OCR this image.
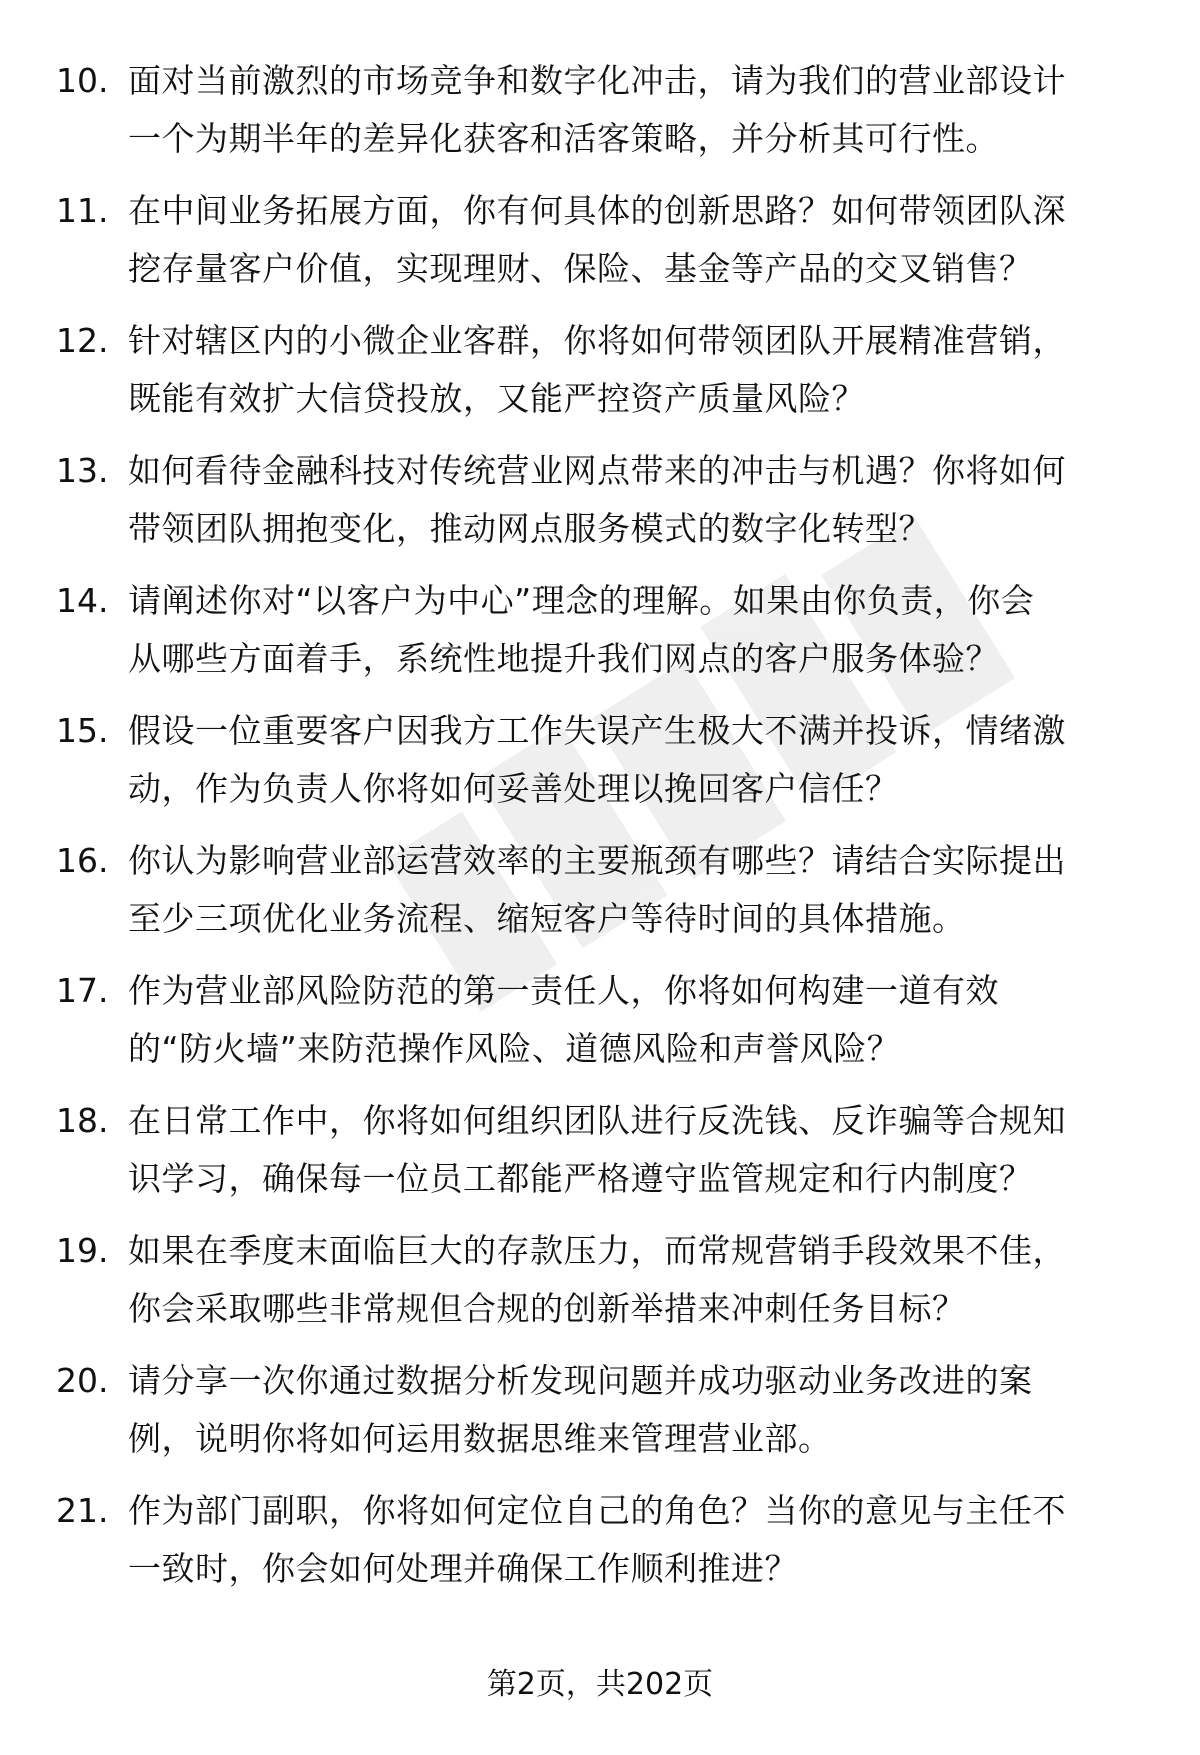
10. 面对当前激烈的市场竞争和数字化冲击，请为我们的营业部设计
一个为期半年的差异化获客和活客策略，并分析其可行性。
11. 在中间业务拓展方面，你有何具体的创新思路？如何带领团队深
挖存量客户价值，实现理财、保险、基金等产品的交叉销售？
12. 针对辖区内的小微企业客群，你将如何带领团队开展精准营销，
既能有效扩大信贷投放，又能严控资产质量风险？
13. 如何看待金融科技对传统营业网点带来的冲击与机遇？你将如何
带领团队拥抱变化，推动网点服务模式的数字化转型？
14. 请阐述你对“以客户为中心”理念的理解。如果由你负责，你会
从哪些方面着手，系统性地提升我们网点的客户服务体验？
15. 假设一位重要客户因我方工作失误产生极大不满并投诉，情绪激
动，作为负责人你将如何妥善处理以挽回客户信任？
16. 你认为影响营业部运营效率的主要瓶颈有哪些？请结合实际提出
至少三项优化业务流程、缩短客户等待时间的具体措施。
17. 作为营业部风险防范的第一责任人，你将如何构建一道有效
的“防火墙”来防范操作风险、道德风险和声誉风险？
18. 在日常工作中，你将如何组织团队进行反洗钱、反诈骗等合规知
识学习，确保每一位员工都能严格遵守监管规定和行内制度？
19. 如果在季度末面临巨大的存款压力，而常规营销手段效果不佳，
你会采取哪些非常规但合规的创新举措来冲刺任务目标？
20. 请分享一次你通过数据分析发现问题并成功驱动业务改进的案
例，说明你将如何运用数据思维来管理营业部。
21. 作为部门副职，你将如何定位自己的角色？当你的意见与主任不
一致时，你会如何处理并确保工作顺利推进？
第2页，共202页
